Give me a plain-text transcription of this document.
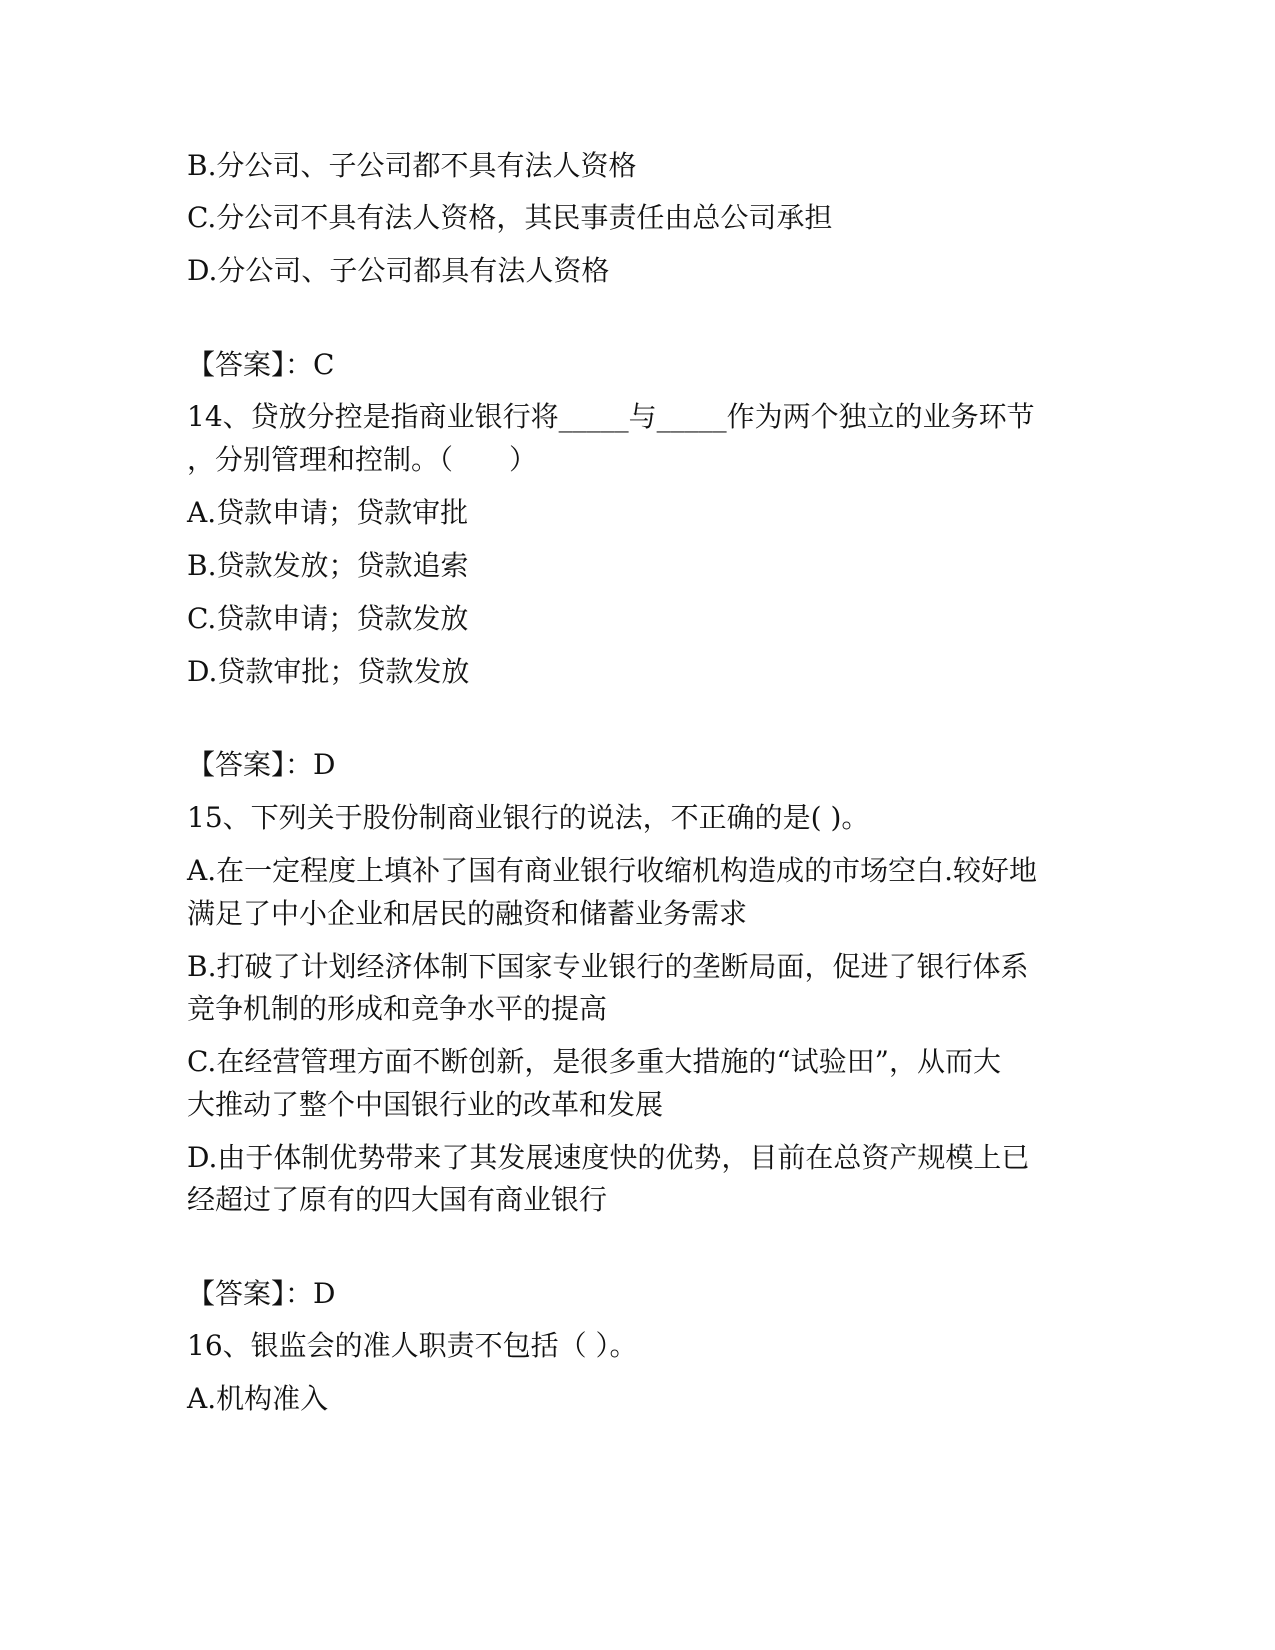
B.分公司、子公司都不具有法人资格
C.分公司不具有法人资格，其民事责任由总公司承担
D.分公司、子公司都具有法人资格
【答案】：C
14、贷放分控是指商业银行将_____与_____作为两个独立的业务环节
，分别管理和控制。（　　）
A.贷款申请；贷款审批
B.贷款发放；贷款追索
C.贷款申请；贷款发放
D.贷款审批；贷款发放
【答案】：D
15、下列关于股份制商业银行的说法，不正确的是( )。
A.在一定程度上填补了国有商业银行收缩机构造成的市场空白.较好地
满足了中小企业和居民的融资和储蓄业务需求
B.打破了计划经济体制下国家专业银行的垄断局面，促进了银行体系
竞争机制的形成和竞争水平的提高
C.在经营管理方面不断创新，是很多重大措施的“试验田”，从而大
大推动了整个中国银行业的改革和发展
D.由于体制优势带来了其发展速度快的优势，目前在总资产规模上已
经超过了原有的四大国有商业银行
【答案】：D
16、银监会的准人职责不包括（ ）。
A.机构准入
